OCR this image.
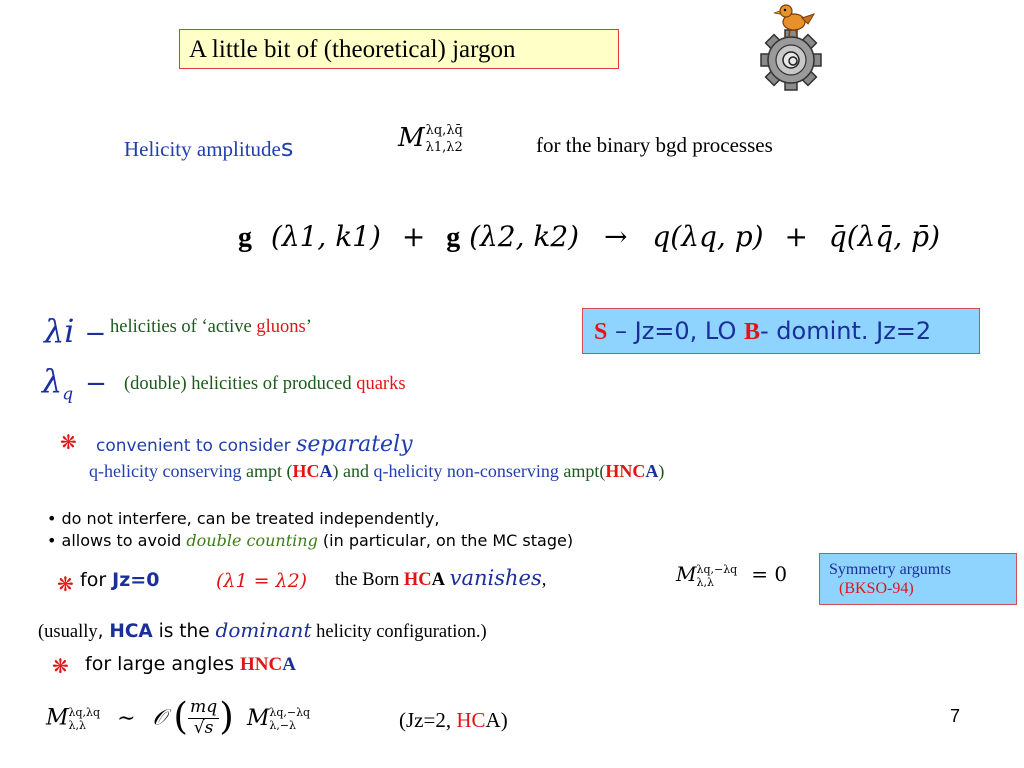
A little bit of (theoretical) jargon
Helicity amplitudes	M λq,λq̄
λ1,λ2	for the binary bgd processes
g (λ1, k1) + g (λ2, k2) → q(λq, p) + q̄(λq̄, p̄)
λi − helicities of ‘active gluons’	S – Jz=0, LO B- domint. Jz=2
$\lambda_q$ − (double) helicities of produced quarks
❋ convenient to consider separately
q-helicity conserving ampt (HCA) and q-helicity non-conserving ampt(HNCA)
• do not interfere, can be treated independently,
• allows to avoid double counting (in particular, on the MC stage)
❋ for Jz=0	(λ1 = λ2) the Born HCA vanishes,	M λq,−λq
λ,λ	= 0	Symmetry argumts
(BKSO-94)
(usually, HCA is the dominant helicity configuration.)
❋ for large angles HNCA
M λq,λq
λ,λ	∼ 𝒪 ( $\frac{mq}{√s}$ ) M λq,−λq
λ,−λ	(Jz=2, HCA)	7
